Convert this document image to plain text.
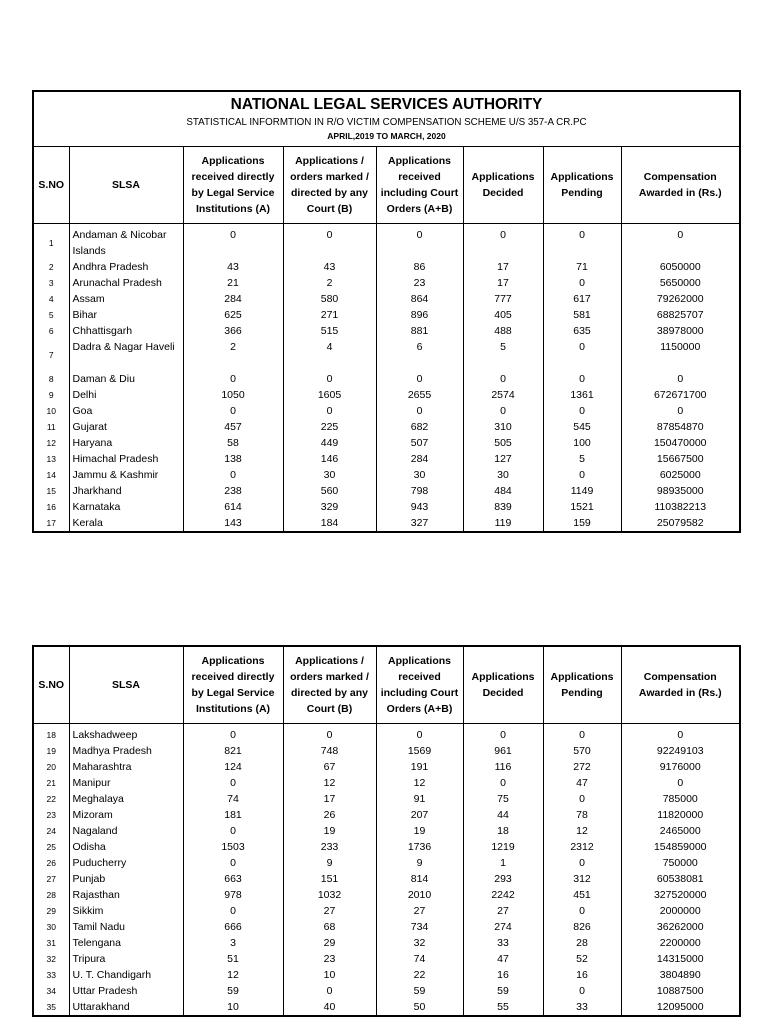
NATIONAL LEGAL SERVICES AUTHORITY
STATISTICAL INFORMTION IN R/O VICTIM COMPENSATION SCHEME U/S 357-A CR.PC
APRIL,2019 TO MARCH, 2020							

S.NO	SLSA	Applications received directly by Legal Service Institutions (A)	Applications / orders marked / directed by any Court (B)	Applications received including Court Orders (A+B)	Applications Decided	Applications Pending	Compensation Awarded in (Rs.)

1	Andaman & Nicobar Islands	0	0	0	0	0	0
2	Andhra Pradesh	43	43	86	17	71	6050000
3	Arunachal Pradesh	21	2	23	17	0	5650000
4	Assam	284	580	864	777	617	79262000
5	Bihar	625	271	896	405	581	68825707
6	Chhattisgarh	366	515	881	488	635	38978000
7	Dadra & Nagar Haveli	2	4	6	5	0	1150000
8	Daman & Diu	0	0	0	0	0	0
9	Delhi	1050	1605	2655	2574	1361	672671700
10	Goa	0	0	0	0	0	0
11	Gujarat	457	225	682	310	545	87854870
12	Haryana	58	449	507	505	100	150470000
13	Himachal Pradesh	138	146	284	127	5	15667500
14	Jammu & Kashmir	0	30	30	30	0	6025000
15	Jharkhand	238	560	798	484	1149	98935000
16	Karnataka	614	329	943	839	1521	110382213
17	Kerala	143	184	327	119	159	25079582
S.NO	SLSA	Applications received directly by Legal Service Institutions (A)	Applications / orders marked / directed by any Court (B)	Applications received including Court Orders (A+B)	Applications Decided	Applications Pending	Compensation Awarded in (Rs.)

18	Lakshadweep	0	0	0	0	0	0
19	Madhya Pradesh	821	748	1569	961	570	92249103
20	Maharashtra	124	67	191	116	272	9176000
21	Manipur	0	12	12	0	47	0
22	Meghalaya	74	17	91	75	0	785000
23	Mizoram	181	26	207	44	78	11820000
24	Nagaland	0	19	19	18	12	2465000
25	Odisha	1503	233	1736	1219	2312	154859000
26	Puducherry	0	9	9	1	0	750000
27	Punjab	663	151	814	293	312	60538081
28	Rajasthan	978	1032	2010	2242	451	327520000
29	Sikkim	0	27	27	27	0	2000000
30	Tamil Nadu	666	68	734	274	826	36262000
31	Telengana	3	29	32	33	28	2200000
32	Tripura	51	23	74	47	52	14315000
33	U. T. Chandigarh	12	10	22	16	16	3804890
34	Uttar Pradesh	59	0	59	59	0	10887500
35	Uttarakhand	10	40	50	55	33	12095000
